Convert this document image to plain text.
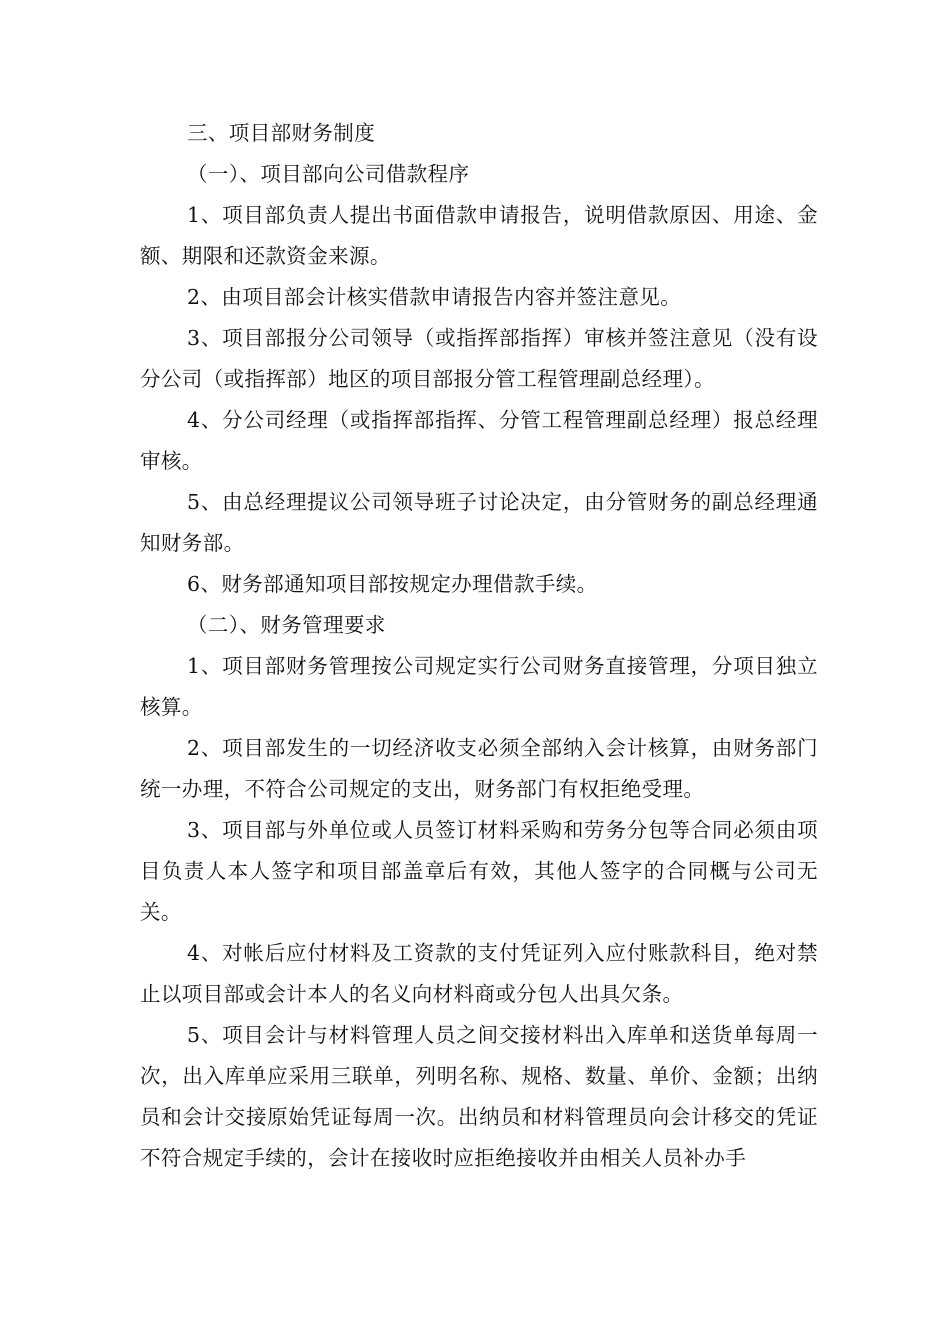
三、项目部财务制度
（一）、项目部向公司借款程序

1、项目部负责人提出书面借款申请报告，说明借款原因、用途、金额、期限和还款资金来源。

2、由项目部会计核实借款申请报告内容并签注意见。

3、项目部报分公司领导（或指挥部指挥）审核并签注意见（没有设分公司（或指挥部）地区的项目部报分管工程管理副总经理）。

4、分公司经理（或指挥部指挥、分管工程管理副总经理）报总经理审核。

5、由总经理提议公司领导班子讨论决定，由分管财务的副总经理通知财务部。

6、财务部通知项目部按规定办理借款手续。

（二）、财务管理要求

1、项目部财务管理按公司规定实行公司财务直接管理，分项目独立核算。

2、项目部发生的一切经济收支必须全部纳入会计核算，由财务部门统一办理，不符合公司规定的支出，财务部门有权拒绝受理。

3、项目部与外单位或人员签订材料采购和劳务分包等合同必须由项目负责人本人签字和项目部盖章后有效，其他人签字的合同概与公司无关。

4、对帐后应付材料及工资款的支付凭证列入应付账款科目，绝对禁止以项目部或会计本人的名义向材料商或分包人出具欠条。

5、项目会计与材料管理人员之间交接材料出入库单和送货单每周一次，出入库单应采用三联单，列明名称、规格、数量、单价、金额；出纳员和会计交接原始凭证每周一次。出纳员和材料管理员向会计移交的凭证不符合规定手续的，会计在接收时应拒绝接收并由相关人员补办手
